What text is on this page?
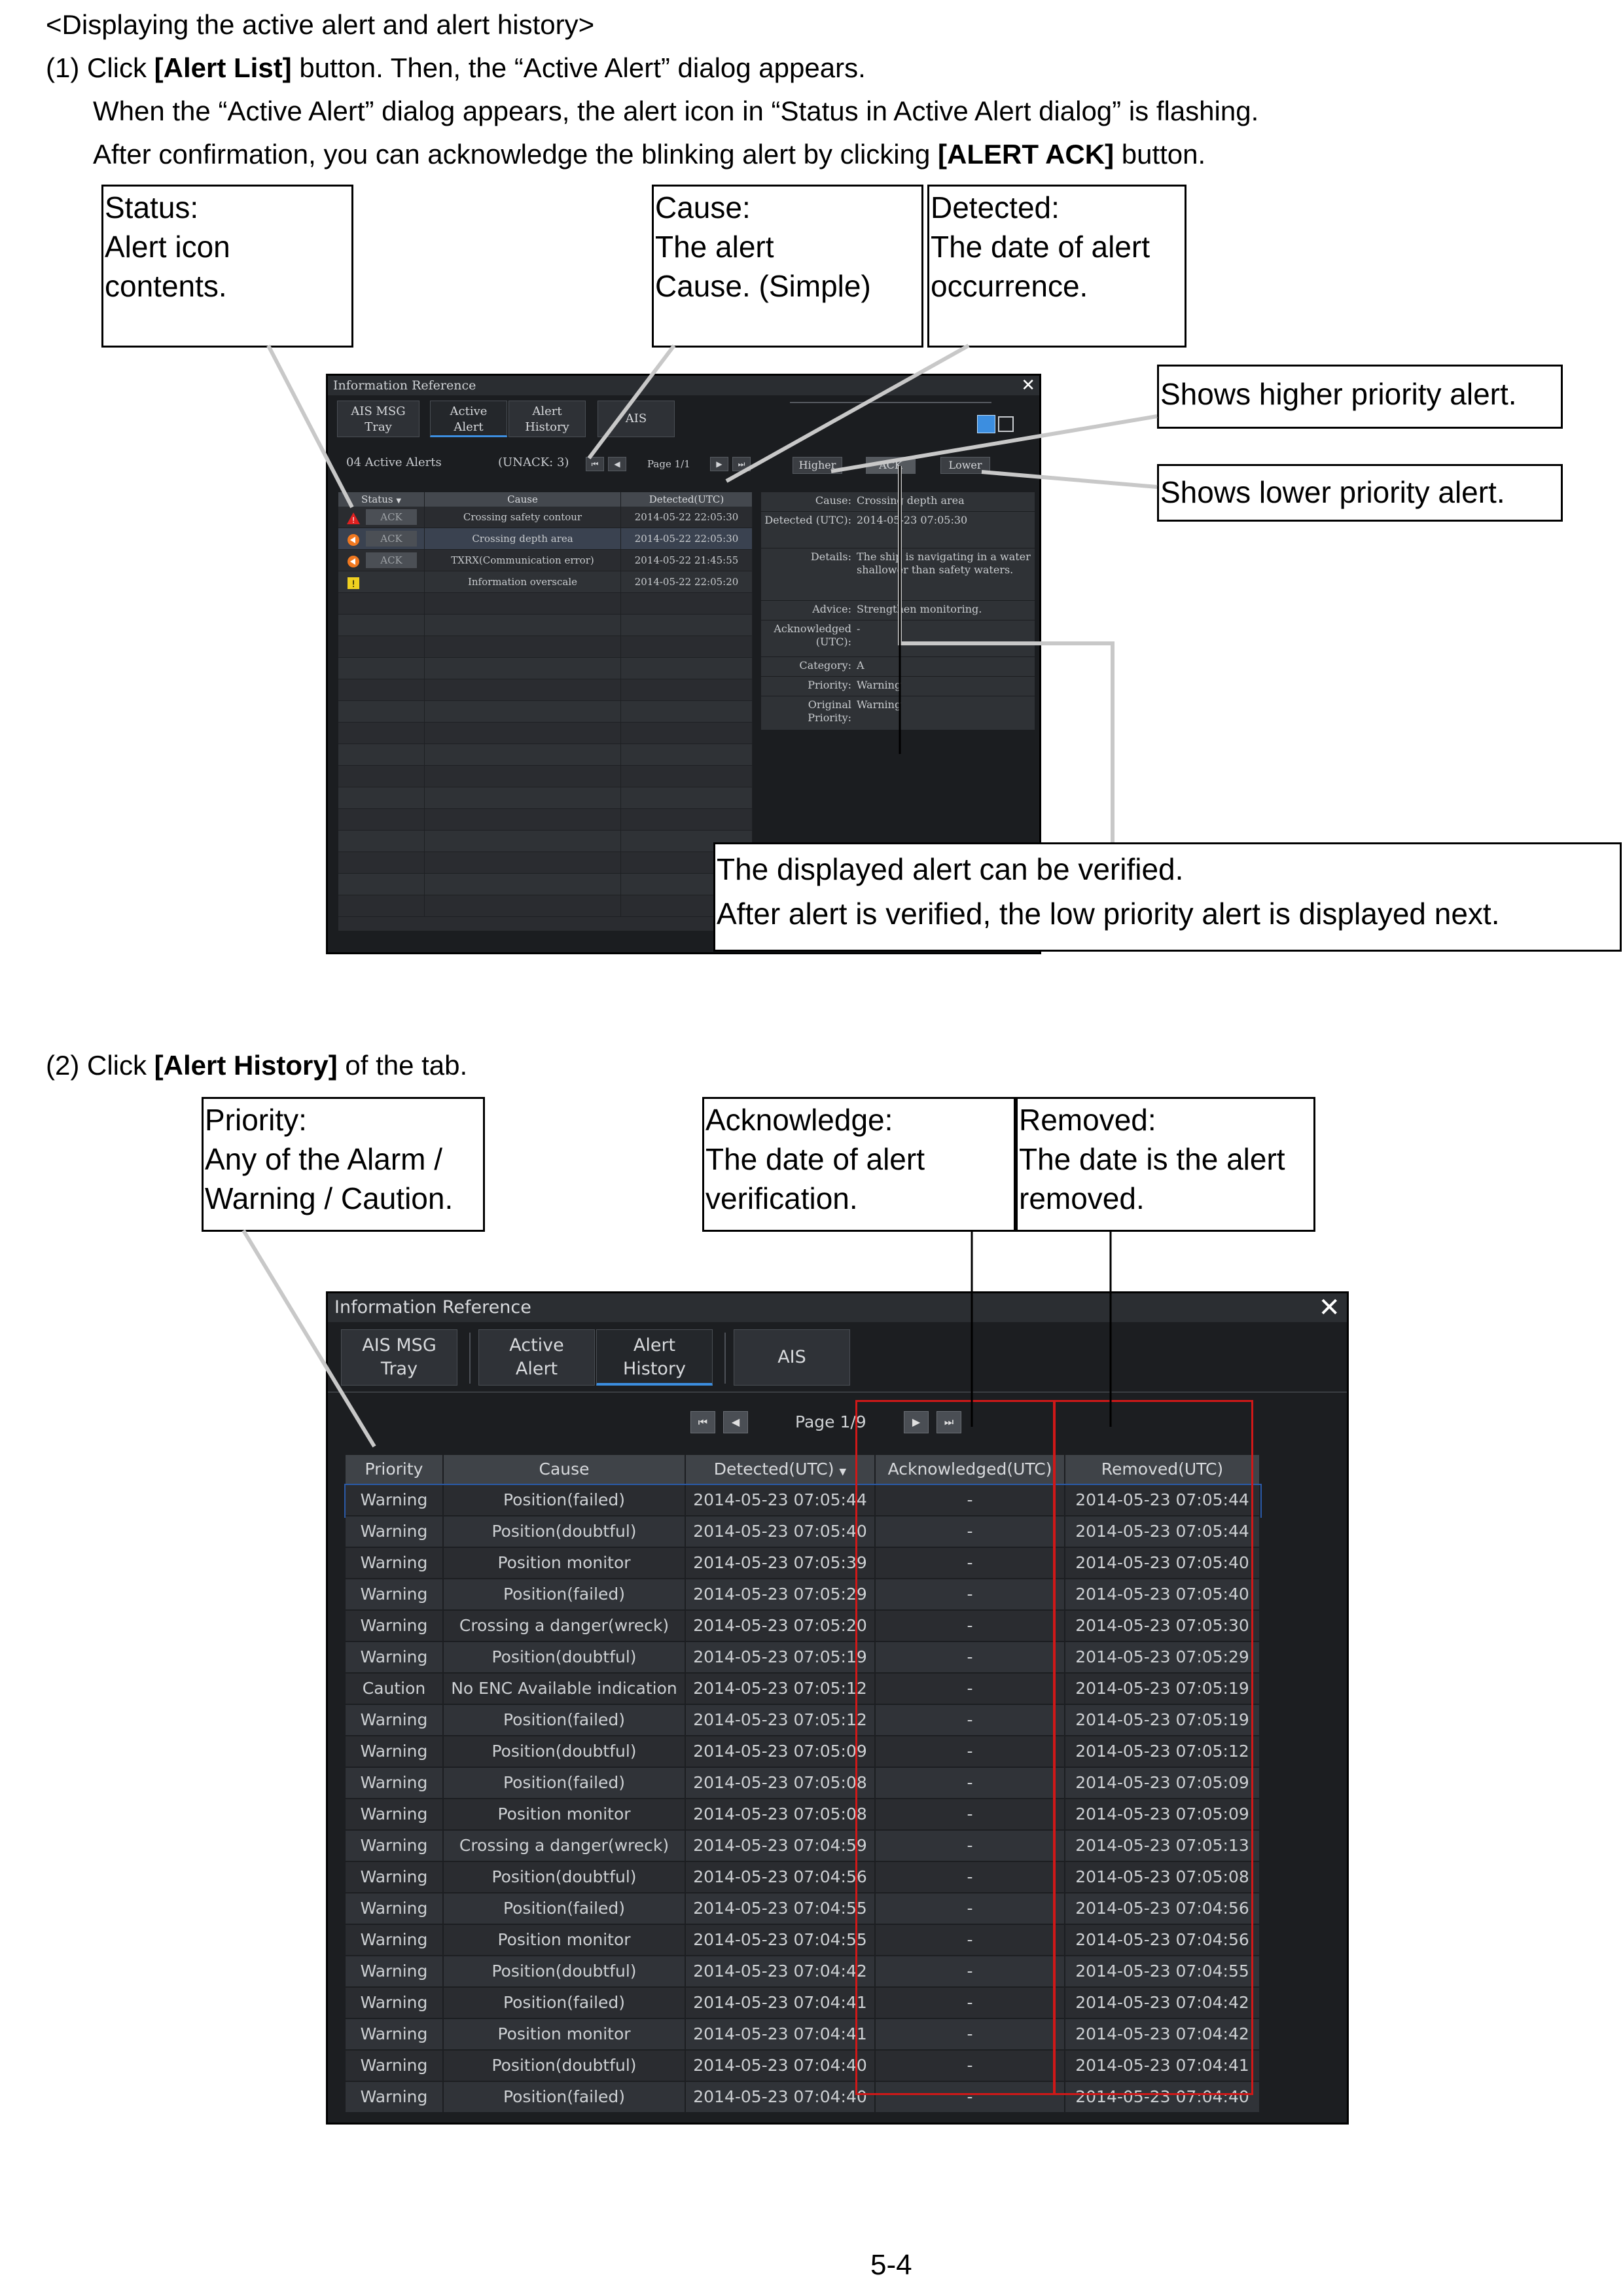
<Displaying the active alert and alert history>
(1) Click [Alert List] button. Then, the “Active Alert” dialog appears.
When the “Active Alert” dialog appears, the alert icon in “Status in Active Alert dialog” is flashing.
After confirmation, you can acknowledge the blinking alert by clicking [ALERT ACK] button.
Status:
Alert icon
contents.
Cause:
The alert
Cause. (Simple)
Detected:
The date of alert
occurrence.
Shows higher priority alert.
Shows lower priority alert.
Information Reference	✕
AIS MSG
Tray
Active
Alert
Alert
History
AIS
04 Active Alerts	(UNACK: 3)	⏮	◀	Page 1/1	▶	⏭	Higher	ACK	Lower
Status ▼	Cause	Detected(UTC)
!	ACK	Crossing safety contour	2014-05-22 22:05:30
ACK	Crossing depth area	2014-05-22 22:05:30
ACK	TXRX(Communication error)	2014-05-22 21:45:55
!	Information overscale	2014-05-22 22:05:20
Cause: Crossing depth area
Detected (UTC): 2014-05-23 07:05:30
Details: The ship is navigating in a water shallower than safety waters.
Advice: Strengthen monitoring.
Acknowledged (UTC):
-
Category: A
Priority: Warning
Original Priority:
Warning
The displayed alert can be verified.
After alert is verified, the low priority alert is displayed next.
(2) Click [Alert History] of the tab.
Priority:
Any of the Alarm /
Warning / Caution.
Acknowledge:
The date of alert
verification.
Removed:
The date is the alert
removed.
Information Reference	✕
AIS MSG
Tray
Active
Alert
Alert
History
AIS
⏮	◀	Page 1/9	▶	⏭
Priority	Cause	Detected(UTC) ▼	Acknowledged(UTC)	Removed(UTC)
Warning	Position(failed)	2014-05-23 07:05:44	-	2014-05-23 07:05:44
Warning	Position(doubtful)	2014-05-23 07:05:40	-	2014-05-23 07:05:44
Warning	Position monitor	2014-05-23 07:05:39	-	2014-05-23 07:05:40
Warning	Position(failed)	2014-05-23 07:05:29	-	2014-05-23 07:05:40
Warning	Crossing a danger(wreck)	2014-05-23 07:05:20	-	2014-05-23 07:05:30
Warning	Position(doubtful)	2014-05-23 07:05:19	-	2014-05-23 07:05:29
Caution	No ENC Available indication 2014-05-23 07:05:12	-	2014-05-23 07:05:19
Warning	Position(failed)	2014-05-23 07:05:12	-	2014-05-23 07:05:19
Warning	Position(doubtful)	2014-05-23 07:05:09	-	2014-05-23 07:05:12
Warning	Position(failed)	2014-05-23 07:05:08	-	2014-05-23 07:05:09
Warning	Position monitor	2014-05-23 07:05:08	-	2014-05-23 07:05:09
Warning	Crossing a danger(wreck)	2014-05-23 07:04:59	-	2014-05-23 07:05:13
Warning	Position(doubtful)	2014-05-23 07:04:56	-	2014-05-23 07:05:08
Warning	Position(failed)	2014-05-23 07:04:55	-	2014-05-23 07:04:56
Warning	Position monitor	2014-05-23 07:04:55	-	2014-05-23 07:04:56
Warning	Position(doubtful)	2014-05-23 07:04:42	-	2014-05-23 07:04:55
Warning	Position(failed)	2014-05-23 07:04:41	-	2014-05-23 07:04:42
Warning	Position monitor	2014-05-23 07:04:41	-	2014-05-23 07:04:42
Warning	Position(doubtful)	2014-05-23 07:04:40	-	2014-05-23 07:04:41
Warning	Position(failed)	2014-05-23 07:04:40	-	2014-05-23 07:04:40
5-4
